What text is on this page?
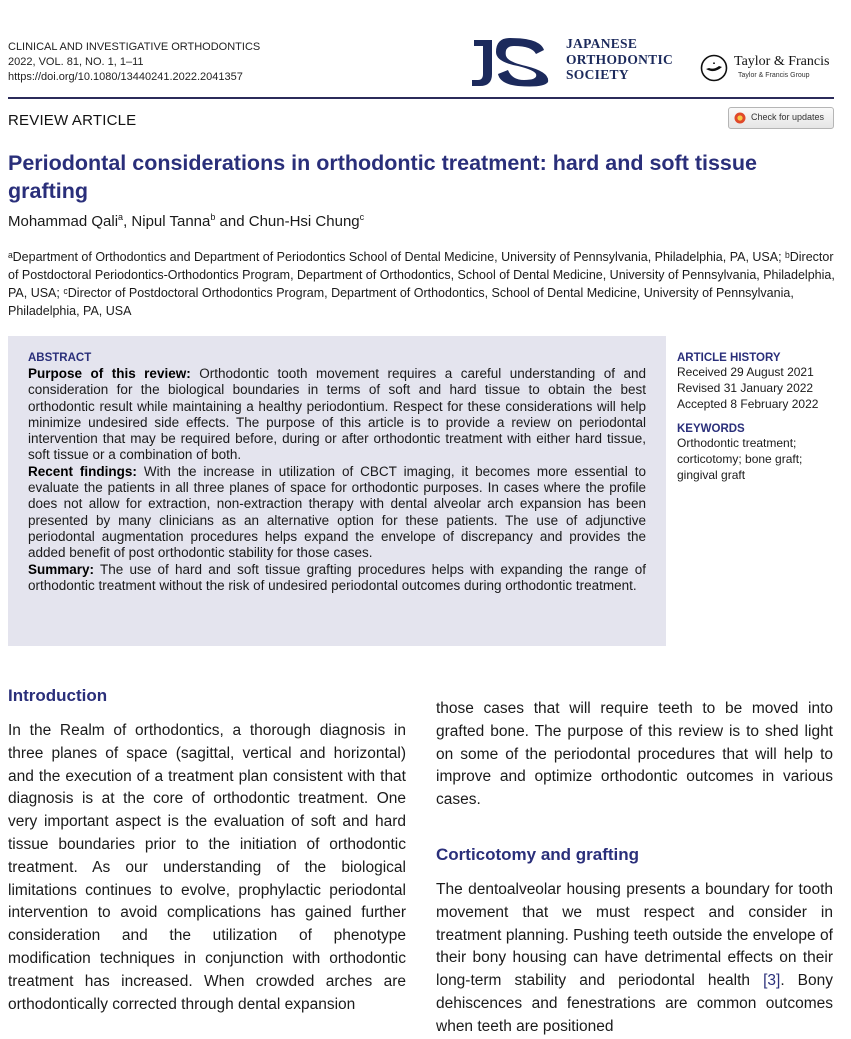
CLINICAL AND INVESTIGATIVE ORTHODONTICS
2022, VOL. 81, NO. 1, 1–11
https://doi.org/10.1080/13440241.2022.2041357
JAPANESE
ORTHODONTIC
SOCIETY
Taylor & Francis
Taylor & Francis Group
REVIEW ARTICLE	Check for updates
Periodontal considerations in orthodontic treatment: hard and soft tissue grafting
Mohammad Qali$^a$, Nipul Tanna$^b$ and Chun-Hsi Chung$^c$

ᵃDepartment of Orthodontics and Department of Periodontics School of Dental Medicine, University of Pennsylvania, Philadelphia, PA, USA; ᵇDirector of Postdoctoral Periodontics-Orthodontics Program, Department of Orthodontics, School of Dental Medicine, University of Pennsylvania, Philadelphia, PA, USA; ᶜDirector of Postdoctoral Orthodontics Program, Department of Orthodontics, School of Dental Medicine, University of Pennsylvania, Philadelphia, PA, USA

ABSTRACT

Purpose of this review: Orthodontic tooth movement requires a careful understanding of and consideration for the biological boundaries in terms of soft and hard tissue to obtain the best orthodontic result while maintaining a healthy periodontium. Respect for these considerations will help minimize undesired side effects. The purpose of this article is to provide a review on periodontal intervention that may be required before, during or after orthodontic treatment with either hard tissue, soft tissue or a combination of both.

Recent findings: With the increase in utilization of CBCT imaging, it becomes more essential to evaluate the patients in all three planes of space for orthodontic purposes. In cases where the profile does not allow for extraction, non-extraction therapy with dental alveolar arch expansion has been presented by many clinicians as an alternative option for these patients. The use of adjunctive periodontal augmentation procedures helps expand the envelope of discrepancy and provides the added benefit of post orthodontic stability for those cases.

Summary: The use of hard and soft tissue grafting procedures helps with expanding the range of orthodontic treatment without the risk of undesired periodontal outcomes during orthodontic treatment.

ARTICLE HISTORY

Received 29 August 2021

Revised 31 January 2022

Accepted 8 February 2022

KEYWORDS

Orthodontic treatment; corticotomy; bone graft; gingival graft

Introduction

In the Realm of orthodontics, a thorough diagnosis in three planes of space (sagittal, vertical and horizontal) and the execution of a treatment plan consistent with that diagnosis is at the core of orthodontic treatment. One very important aspect is the evaluation of soft and hard tissue boundaries prior to the initiation of orthodontic treatment. As our understanding of the biological limitations continues to evolve, prophylactic periodontal intervention to avoid complications has gained further consideration and the utilization of phenotype modification techniques in conjunction with orthodontic treatment has increased. When crowded arches are orthodontically corrected through dental expansion

those cases that will require teeth to be moved into grafted bone. The purpose of this review is to shed light on some of the periodontal procedures that will help to improve and optimize orthodontic outcomes in various cases.

Corticotomy and grafting

The dentoalveolar housing presents a boundary for tooth movement that we must respect and consider in treatment planning. Pushing teeth outside the envelope of their bony housing can have detrimental effects on their long-term stability and periodontal health [3]. Bony dehiscences and fenestrations are common outcomes when teeth are positioned
